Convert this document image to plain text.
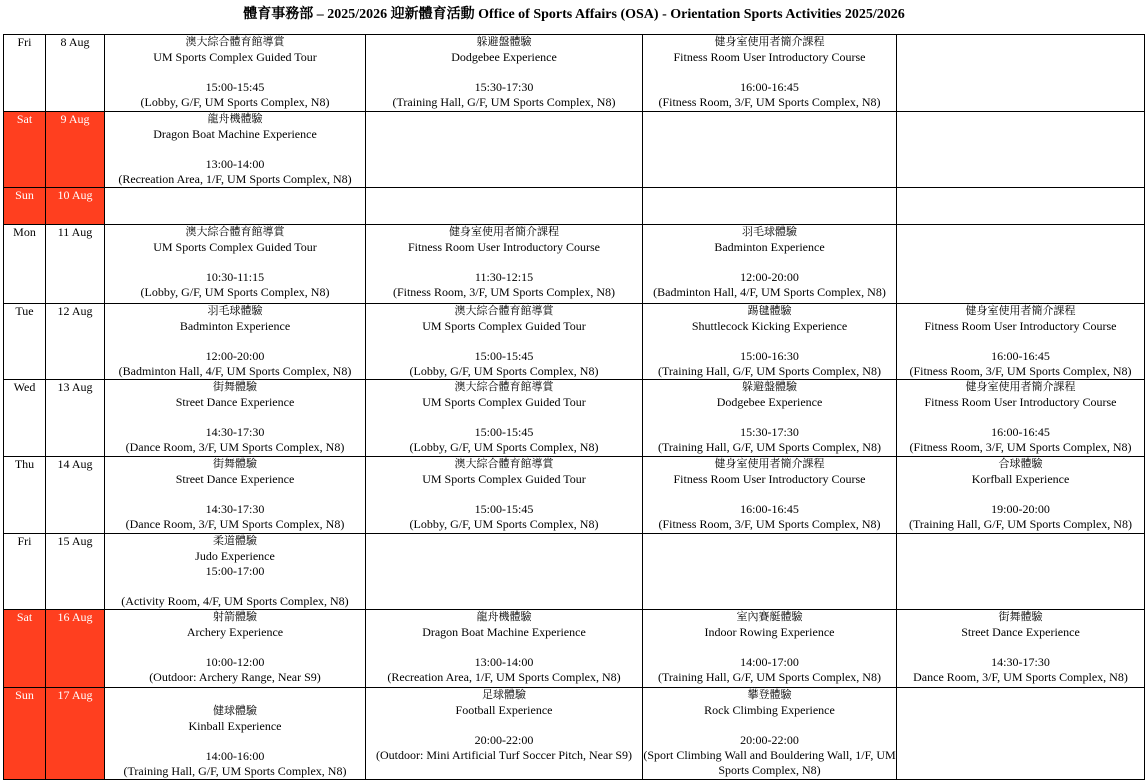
體育事務部 – 2025/2026 迎新體育活動 Office of Sports Affairs (OSA) - Orientation Sports Activities 2025/2026
Fri	8 Aug	澳大綜合體育館導賞
UM Sports Complex Guided Tour
15:00-15:45
(Lobby, G/F, UM Sports Complex, N8)	躲避盤體驗
Dodgebee Experience
15:30-17:30
(Training Hall, G/F, UM Sports Complex, N8)	健身室使用者簡介課程
Fitness Room User Introductory Course
16:00-16:45
(Fitness Room, 3/F, UM Sports Complex, N8)	

Sat	9 Aug	龍舟機體驗
Dragon Boat Machine Experience
13:00-14:00
(Recreation Area, 1/F, UM Sports Complex, N8)			

Sun	10 Aug				
Mon	11 Aug	澳大綜合體育館導賞
UM Sports Complex Guided Tour
10:30-11:15
(Lobby, G/F, UM Sports Complex, N8)	健身室使用者簡介課程
Fitness Room User Introductory Course
11:30-12:15
(Fitness Room, 3/F, UM Sports Complex, N8)	羽毛球體驗
Badminton Experience
12:00-20:00
(Badminton Hall, 4/F, UM Sports Complex, N8)	

Tue	12 Aug	羽毛球體驗
Badminton Experience
12:00-20:00
(Badminton Hall, 4/F, UM Sports Complex, N8)	澳大綜合體育館導賞
UM Sports Complex Guided Tour
15:00-15:45
(Lobby, G/F, UM Sports Complex, N8)	踢毽體驗
Shuttlecock Kicking Experience
15:00-16:30
(Training Hall, G/F, UM Sports Complex, N8)	健身室使用者簡介課程
Fitness Room User Introductory Course
16:00-16:45
(Fitness Room, 3/F, UM Sports Complex, N8)

Wed	13 Aug	街舞體驗
Street Dance Experience
14:30-17:30
(Dance Room, 3/F, UM Sports Complex, N8)	澳大綜合體育館導賞
UM Sports Complex Guided Tour
15:00-15:45
(Lobby, G/F, UM Sports Complex, N8)	躲避盤體驗
Dodgebee Experience
15:30-17:30
(Training Hall, G/F, UM Sports Complex, N8)	健身室使用者簡介課程
Fitness Room User Introductory Course
16:00-16:45
(Fitness Room, 3/F, UM Sports Complex, N8)

Thu	14 Aug	街舞體驗
Street Dance Experience
14:30-17:30
(Dance Room, 3/F, UM Sports Complex, N8)	澳大綜合體育館導賞
UM Sports Complex Guided Tour
15:00-15:45
(Lobby, G/F, UM Sports Complex, N8)	健身室使用者簡介課程
Fitness Room User Introductory Course
16:00-16:45
(Fitness Room, 3/F, UM Sports Complex, N8)	合球體驗
Korfball Experience
19:00-20:00
(Training Hall, G/F, UM Sports Complex, N8)

Fri	15 Aug	柔道體驗
Judo Experience
15:00-17:00
(Activity Room, 4/F, UM Sports Complex, N8)			

Sat	16 Aug	射箭體驗
Archery Experience
10:00-12:00
(Outdoor: Archery Range, Near S9)	龍舟機體驗
Dragon Boat Machine Experience
13:00-14:00
(Recreation Area, 1/F, UM Sports Complex, N8)	室內賽艇體驗
Indoor Rowing Experience
14:00-17:00
(Training Hall, G/F, UM Sports Complex, N8)	街舞體驗
Street Dance Experience
14:30-17:30
Dance Room, 3/F, UM Sports Complex, N8)

Sun	17 Aug	健球體驗
Kinball Experience
14:00-16:00
(Training Hall, G/F, UM Sports Complex, N8)	足球體驗
Football Experience
20:00-22:00
(Outdoor: Mini Artificial Turf Soccer Pitch, Near S9)	攀登體驗
Rock Climbing Experience
20:00-22:00
(Sport Climbing Wall and Bouldering Wall, 1/F, UM Sports Complex, N8)	
